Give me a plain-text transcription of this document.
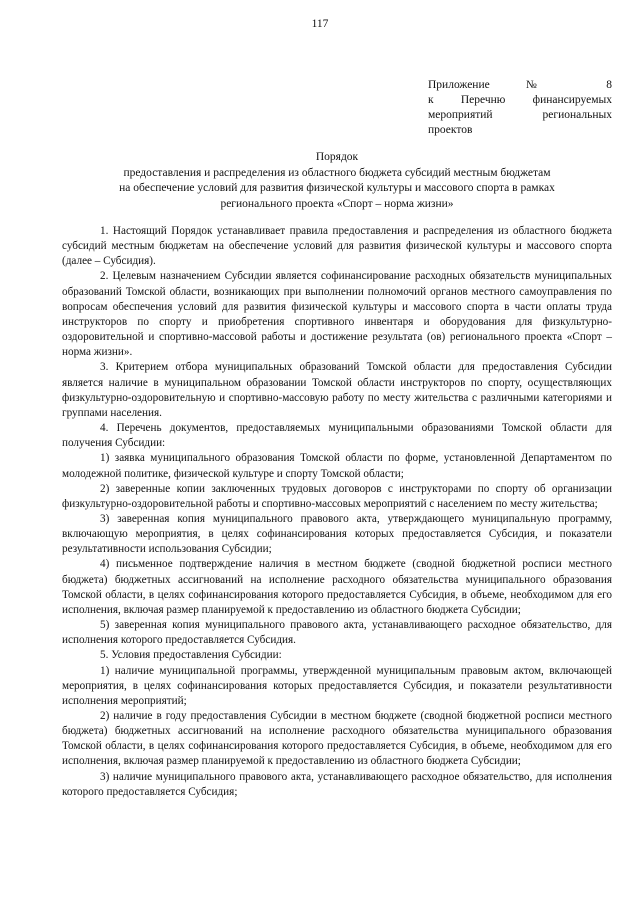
117
Приложение № 8
к Перечню финансируемых
мероприятий региональных
проектов
Порядок
предоставления и распределения из областного бюджета субсидий местным бюджетам
на обеспечение условий для развития физической культуры и массового спорта в рамках
регионального проекта «Спорт – норма жизни»

1. Настоящий Порядок устанавливает правила предоставления и распределения из областного бюджета субсидий местным бюджетам на обеспечение условий для развития физической культуры и массового спорта (далее – Субсидия).

2. Целевым назначением Субсидии является софинансирование расходных обязательств муниципальных образований Томской области, возникающих при выполнении полномочий органов местного самоуправления по вопросам обеспечения условий для развития физической культуры и массового спорта в части оплаты труда инструкторов по спорту и приобретения спортивного инвентаря и оборудования для физкультурно-оздоровительной и спортивно-массовой работы и достижение результата (ов) регионального проекта «Спорт – норма жизни».

3. Критерием отбора муниципальных образований Томской области для предоставления Субсидии является наличие в муниципальном образовании Томской области инструкторов по спорту, осуществляющих физкультурно-оздоровительную и спортивно-массовую работу по месту жительства с различными категориями и группами населения.

4. Перечень документов, предоставляемых муниципальными образованиями Томской области для получения Субсидии:

1) заявка муниципального образования Томской области по форме, установленной Департаментом по молодежной политике, физической культуре и спорту Томской области;

2) заверенные копии заключенных трудовых договоров с инструкторами по спорту об организации физкультурно-оздоровительной работы и спортивно-массовых мероприятий с населением по месту жительства;

3) заверенная копия муниципального правового акта, утверждающего муниципальную программу, включающую мероприятия, в целях софинансирования которых предоставляется Субсидия, и показатели результативности использования Субсидии;

4) письменное подтверждение наличия в местном бюджете (сводной бюджетной росписи местного бюджета) бюджетных ассигнований на исполнение расходного обязательства муниципального образования Томской области, в целях софинансирования которого предоставляется Субсидия, в объеме, необходимом для его исполнения, включая размер планируемой к предоставлению из областного бюджета Субсидии;

5) заверенная копия муниципального правового акта, устанавливающего расходное обязательство, для исполнения которого предоставляется Субсидия.

5. Условия предоставления Субсидии:

1) наличие муниципальной программы, утвержденной муниципальным правовым актом, включающей мероприятия, в целях софинансирования которых предоставляется Субсидия, и показатели результативности исполнения мероприятий;

2) наличие в году предоставления Субсидии в местном бюджете (сводной бюджетной росписи местного бюджета) бюджетных ассигнований на исполнение расходного обязательства муниципального образования Томской области, в целях софинансирования которого предоставляется Субсидия, в объеме, необходимом для его исполнения, включая размер планируемой к предоставлению из областного бюджета Субсидии;

3) наличие муниципального правового акта, устанавливающего расходное обязательство, для исполнения которого предоставляется Субсидия;
